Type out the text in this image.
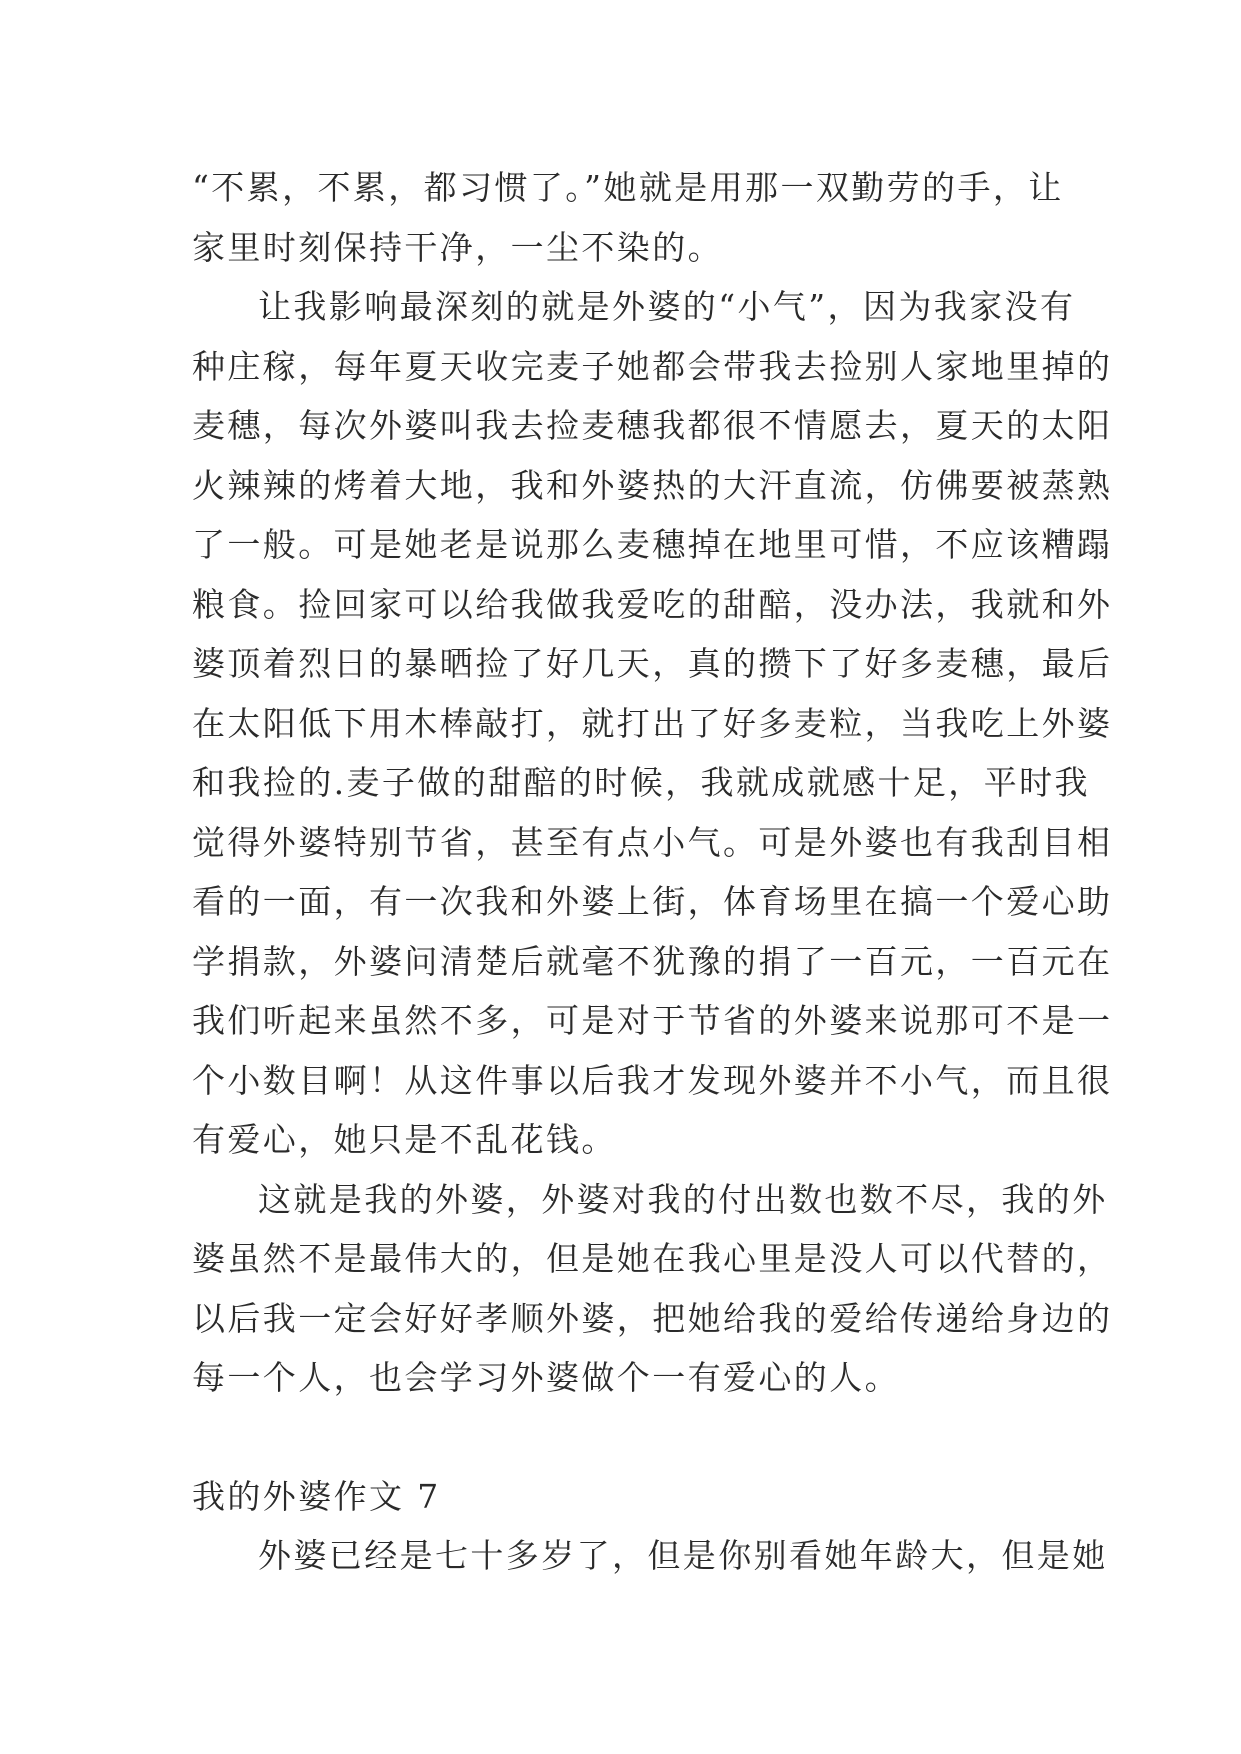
“不累，不累，都习惯了。”她就是用那一双勤劳的手，让
家里时刻保持干净，一尘不染的。
让我影响最深刻的就是外婆的“小气”，因为我家没有
种庄稼，每年夏天收完麦子她都会带我去捡别人家地里掉的
麦穗，每次外婆叫我去捡麦穗我都很不情愿去，夏天的太阳
火辣辣的烤着大地，我和外婆热的大汗直流，仿佛要被蒸熟
了一般。可是她老是说那么麦穗掉在地里可惜，不应该糟蹋
粮食。捡回家可以给我做我爱吃的甜醅，没办法，我就和外
婆顶着烈日的暴晒捡了好几天，真的攒下了好多麦穗，最后
在太阳低下用木棒敲打，就打出了好多麦粒，当我吃上外婆
和我捡的.麦子做的甜醅的时候，我就成就感十足，平时我
觉得外婆特别节省，甚至有点小气。可是外婆也有我刮目相
看的一面，有一次我和外婆上街，体育场里在搞一个爱心助
学捐款，外婆问清楚后就毫不犹豫的捐了一百元，一百元在
我们听起来虽然不多，可是对于节省的外婆来说那可不是一
个小数目啊！从这件事以后我才发现外婆并不小气，而且很
有爱心，她只是不乱花钱。
这就是我的外婆，外婆对我的付出数也数不尽，我的外
婆虽然不是最伟大的，但是她在我心里是没人可以代替的，
以后我一定会好好孝顺外婆，把她给我的爱给传递给身边的
每一个人，也会学习外婆做个一有爱心的人。
我的外婆作文 7
外婆已经是七十多岁了，但是你别看她年龄大，但是她
